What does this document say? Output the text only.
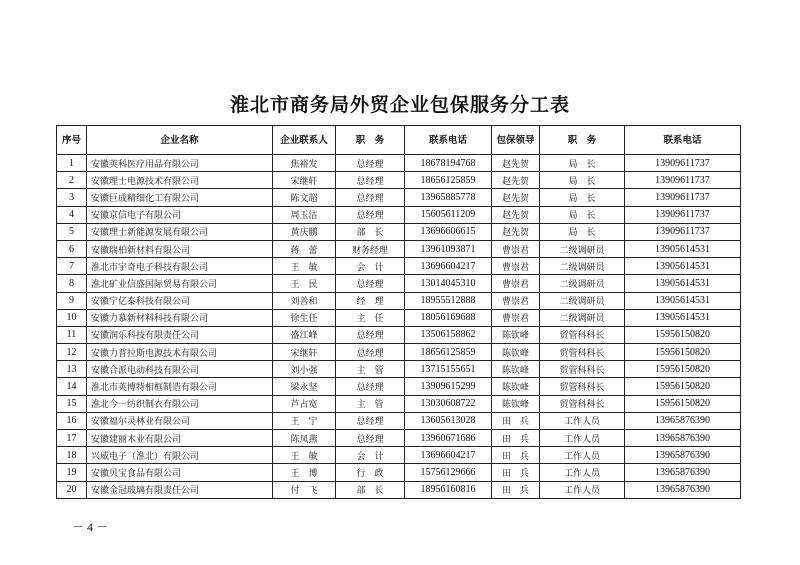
淮北市商务局外贸企业包保服务分工表
序号	企业名称	企业联系人	职　务	联系电话	包保领导	职　务	联系电话
1	安徽英科医疗用品有限公司	焦裕发	总经理	18678194768	赵先贺	局　长	13909611737
2	安徽理士电源技术有限公司	宋继轩	总经理	18656125859	赵先贺	局　长	13909611737
3	安徽巨成精细化工有限公司	陈文超	总经理	13965885778	赵先贺	局　长	13909611737
4	安徽京信电子有限公司	周玉洁	总经理	15605611209	赵先贺	局　长	13909611737
5	安徽理士新能源发展有限公司	黄庆鹏	部　长	13696606615	赵先贺	局　长	13909611737
6	安徽瑞柏新材料有限公司	蒋　蕾	财务经理	13961093871	曹崇君	二级调研员	13905614531
7	淮北市宇奇电子科技有限公司	王　敏	会　计	13696604217	曹崇君	二级调研员	13905614531
8	淮北矿业信盛国际贸易有限公司	王　民	总经理	13014045310	曹崇君	二级调研员	13905614531
9	安徽宁亿泰科技有限公司	刘善和	经　理	18955512888	曹崇君	二级调研员	13905614531
10	安徽力慕新材料科技有限公司	徐生任	主　任	18056169688	曹崇君	二级调研员	13905614531
11	安徽润乐科技有限责任公司	盛江峰	总经理	13506158862	陈钦峰	贸管科科长	15956150820
12	安徽力普拉斯电源技术有限公司	宋继轩	总经理	18656125859	陈钦峰	贸管科科长	15956150820
13	安徽合派电动科技有限公司	刘小强	主　管	13715155651	陈钦峰	贸管科科长	15956150820
14	淮北市英博特相框制造有限公司	梁永坚	总经理	13909615299	陈钦峰	贸管科科长	15956150820
15	淮北今一纺织制衣有限公司	芦占宽	主　管	13030608722	陈钦峰	贸管科科长	15956150820
16	安徽福尔灵林业有限公司	王　宁	总经理	13605613028	田　兵	工作人员	13965876390
17	安徽建丽木业有限公司	陈凤燕	总经理	13960671686	田　兵	工作人员	13965876390
18	兴威电子（淮北）有限公司	王　敏	会　计	13696604217	田　兵	工作人员	13965876390
19	安徽贝宝食品有限公司	王　博	行　政	15756129666	田　兵	工作人员	13965876390
20	安徽金冠玻璃有限责任公司	付　飞	部　长	18956160816	田　兵	工作人员	13965876390
－ 4 －
